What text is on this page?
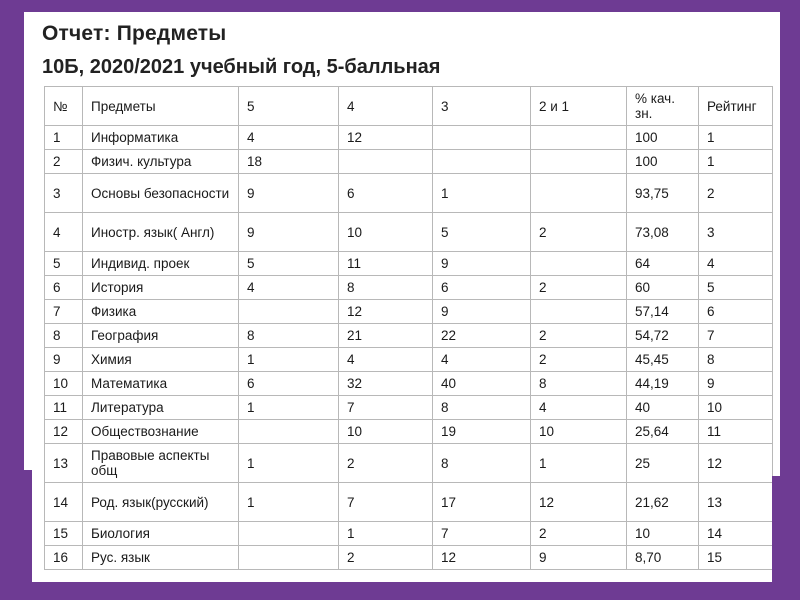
Отчет: Предметы
10Б, 2020/2021 учебный год, 5-балльная
№	Предметы	5	4	3	2 и 1	% кач. зн.	Рейтинг
1	Информатика	4	12			100	1
2	Физич. культура	18				100	1
3	Основы безопасности	9	6	1		93,75	2
4	Иностр. язык( Англ)	9	10	5	2	73,08	3
5	Индивид. проек	5	11	9		64	4
6	История	4	8	6	2	60	5
7	Физика		12	9		57,14	6
8	География	8	21	22	2	54,72	7
9	Химия	1	4	4	2	45,45	8
10	Математика	6	32	40	8	44,19	9
11	Литература	1	7	8	4	40	10
12	Обществознание		10	19	10	25,64	11
13	Правовые аспекты общ	1	2	8	1	25	12
14	Род. язык(русский)	1	7	17	12	21,62	13
15	Биология		1	7	2	10	14
16	Рус. язык		2	12	9	8,70	15
